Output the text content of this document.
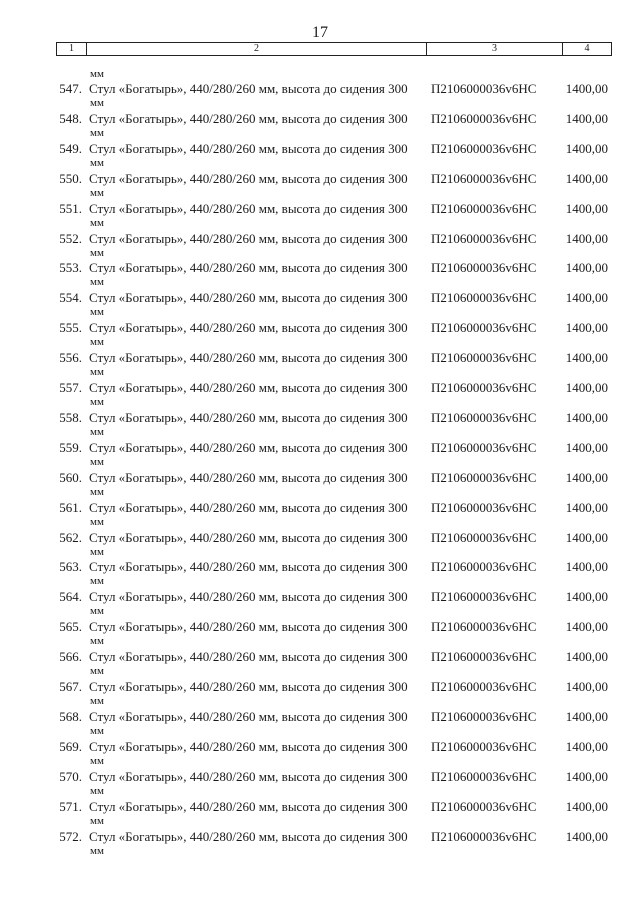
17
1	2	3	4
мм
547. Стул «Богатырь», 440/280/260 мм, высота до сидения 300
мм
П2106000036v6НС 1400,00
548. Стул «Богатырь», 440/280/260 мм, высота до сидения 300
мм
П2106000036v6НС 1400,00
549. Стул «Богатырь», 440/280/260 мм, высота до сидения 300
мм
П2106000036v6НС 1400,00
550. Стул «Богатырь», 440/280/260 мм, высота до сидения 300
мм
П2106000036v6НС 1400,00
551. Стул «Богатырь», 440/280/260 мм, высота до сидения 300
мм
П2106000036v6НС 1400,00
552. Стул «Богатырь», 440/280/260 мм, высота до сидения 300
мм
П2106000036v6НС 1400,00
553. Стул «Богатырь», 440/280/260 мм, высота до сидения 300
мм
П2106000036v6НС 1400,00
554. Стул «Богатырь», 440/280/260 мм, высота до сидения 300
мм
П2106000036v6НС 1400,00
555. Стул «Богатырь», 440/280/260 мм, высота до сидения 300
мм
П2106000036v6НС 1400,00
556. Стул «Богатырь», 440/280/260 мм, высота до сидения 300
мм
П2106000036v6НС 1400,00
557. Стул «Богатырь», 440/280/260 мм, высота до сидения 300
мм
П2106000036v6НС 1400,00
558. Стул «Богатырь», 440/280/260 мм, высота до сидения 300
мм
П2106000036v6НС 1400,00
559. Стул «Богатырь», 440/280/260 мм, высота до сидения 300
мм
П2106000036v6НС 1400,00
560. Стул «Богатырь», 440/280/260 мм, высота до сидения 300
мм
П2106000036v6НС 1400,00
561. Стул «Богатырь», 440/280/260 мм, высота до сидения 300
мм
П2106000036v6НС 1400,00
562. Стул «Богатырь», 440/280/260 мм, высота до сидения 300
мм
П2106000036v6НС 1400,00
563. Стул «Богатырь», 440/280/260 мм, высота до сидения 300
мм
П2106000036v6НС 1400,00
564. Стул «Богатырь», 440/280/260 мм, высота до сидения 300
мм
П2106000036v6НС 1400,00
565. Стул «Богатырь», 440/280/260 мм, высота до сидения 300
мм
П2106000036v6НС 1400,00
566. Стул «Богатырь», 440/280/260 мм, высота до сидения 300
мм
П2106000036v6НС 1400,00
567. Стул «Богатырь», 440/280/260 мм, высота до сидения 300
мм
П2106000036v6НС 1400,00
568. Стул «Богатырь», 440/280/260 мм, высота до сидения 300
мм
П2106000036v6НС 1400,00
569. Стул «Богатырь», 440/280/260 мм, высота до сидения 300
мм
П2106000036v6НС 1400,00
570. Стул «Богатырь», 440/280/260 мм, высота до сидения 300
мм
П2106000036v6НС 1400,00
571. Стул «Богатырь», 440/280/260 мм, высота до сидения 300
мм
П2106000036v6НС 1400,00
572. Стул «Богатырь», 440/280/260 мм, высота до сидения 300
мм
П2106000036v6НС 1400,00
